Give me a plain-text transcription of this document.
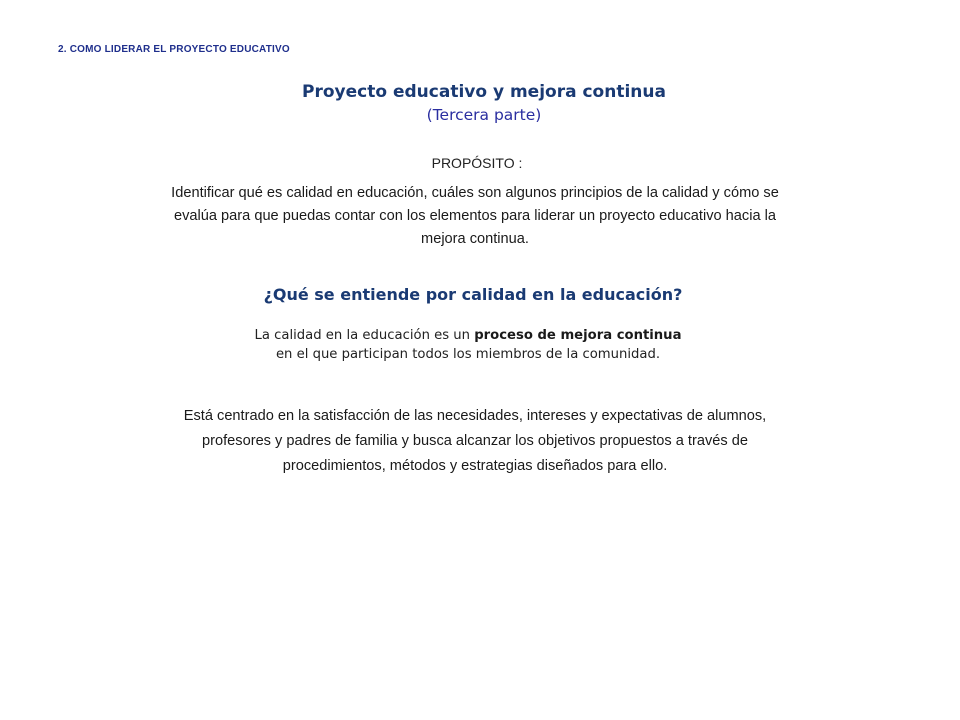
2. COMO LIDERAR EL PROYECTO EDUCATIVO
Proyecto educativo y mejora continua
(Tercera parte)
PROPÓSITO :
Identificar qué es calidad en educación, cuáles son algunos principios de la calidad y cómo se evalúa para que puedas contar con los elementos para liderar un proyecto educativo hacia la mejora continua.
¿Qué se entiende por calidad en la educación?
La calidad en la educación es un proceso de mejora continua
en el que participan todos los miembros de la comunidad.
Está centrado en la satisfacción de las necesidades, intereses y expectativas de alumnos, profesores y padres de familia y busca alcanzar los objetivos propuestos a través de procedimientos, métodos y estrategias diseñados para ello.
